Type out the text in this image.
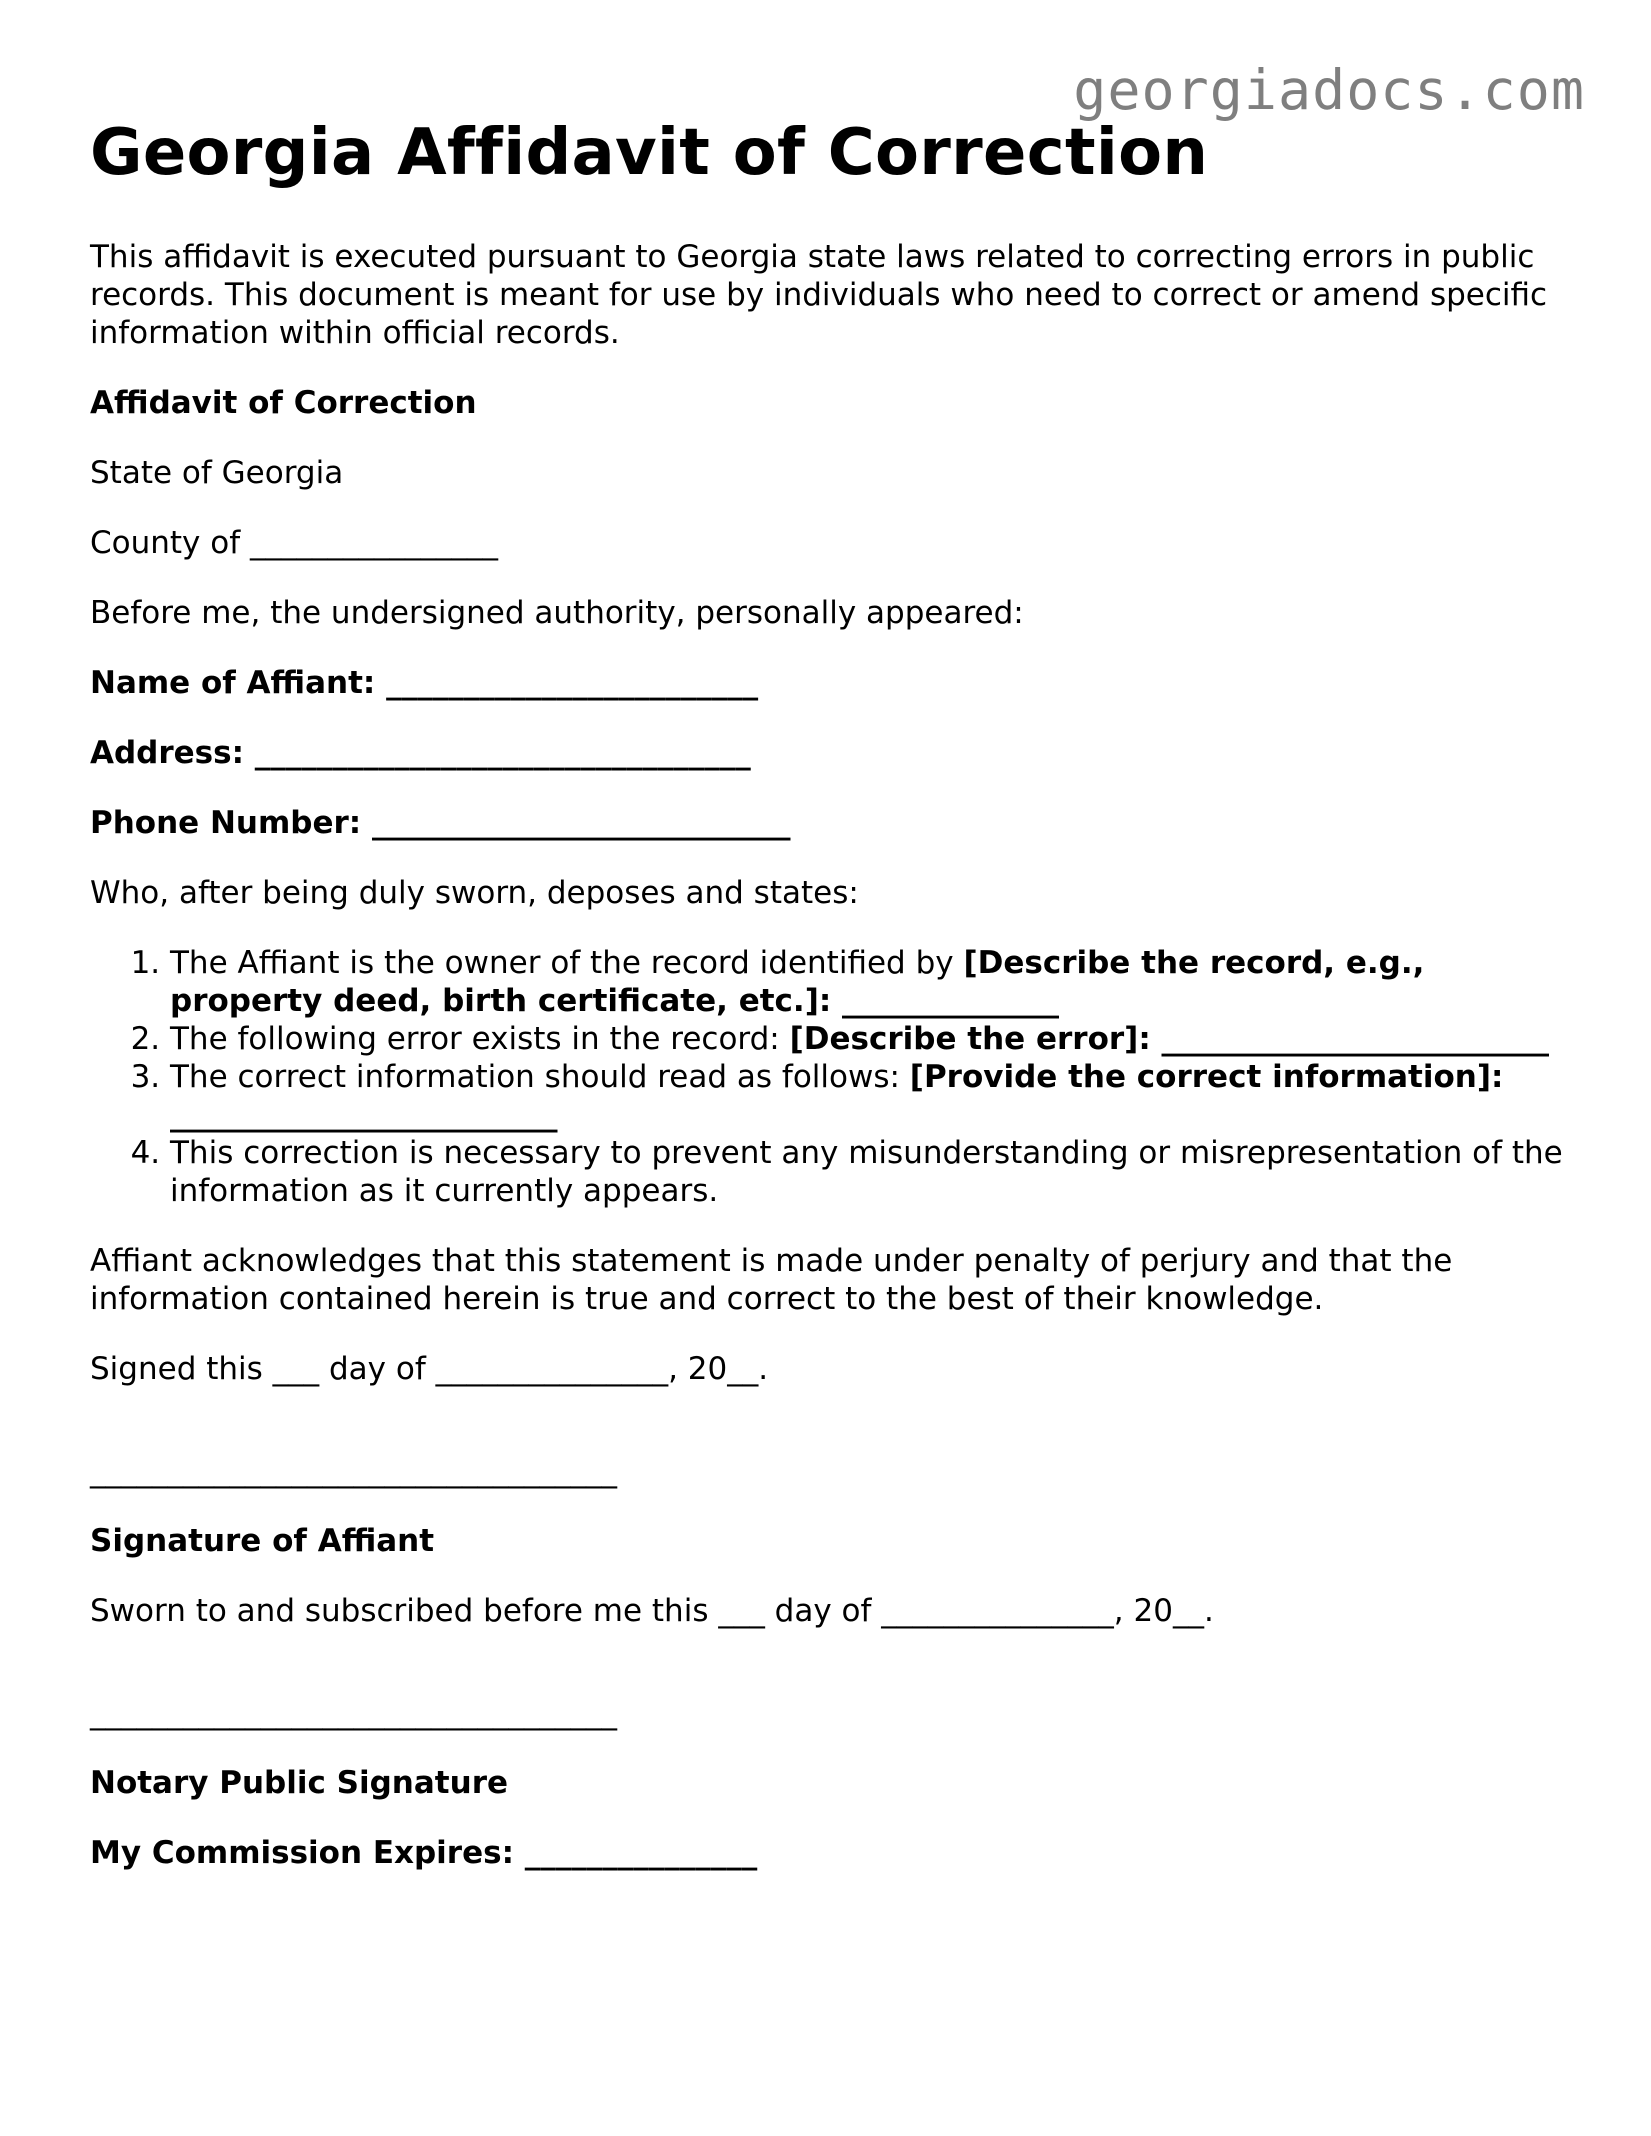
georgiadocs.com
Georgia Affidavit of Correction

This affidavit is executed pursuant to Georgia state laws related to correcting errors in public records. This document is meant for use by individuals who need to correct or amend specific information within official records.

Affidavit of Correction

State of Georgia

County of ________________

Before me, the undersigned authority, personally appeared:

Name of Affiant: ________________________

Address: ________________________________

Phone Number: ___________________________

Who, after being duly sworn, deposes and states:

1. The Affiant is the owner of the record identified by [Describe the record, e.g., property deed, birth certificate, etc.]: ______________
2. The following error exists in the record: [Describe the error]: _________________________
3. The correct information should read as follows: [Provide the correct information]: _________________________
4. This correction is necessary to prevent any misunderstanding or misrepresentation of the information as it currently appears.

Affiant acknowledges that this statement is made under penalty of perjury and that the information contained herein is true and correct to the best of their knowledge.

Signed this ___ day of _______________, 20__.

__________________________________

Signature of Affiant

Sworn to and subscribed before me this ___ day of _______________, 20__.

__________________________________

Notary Public Signature

My Commission Expires: _______________
